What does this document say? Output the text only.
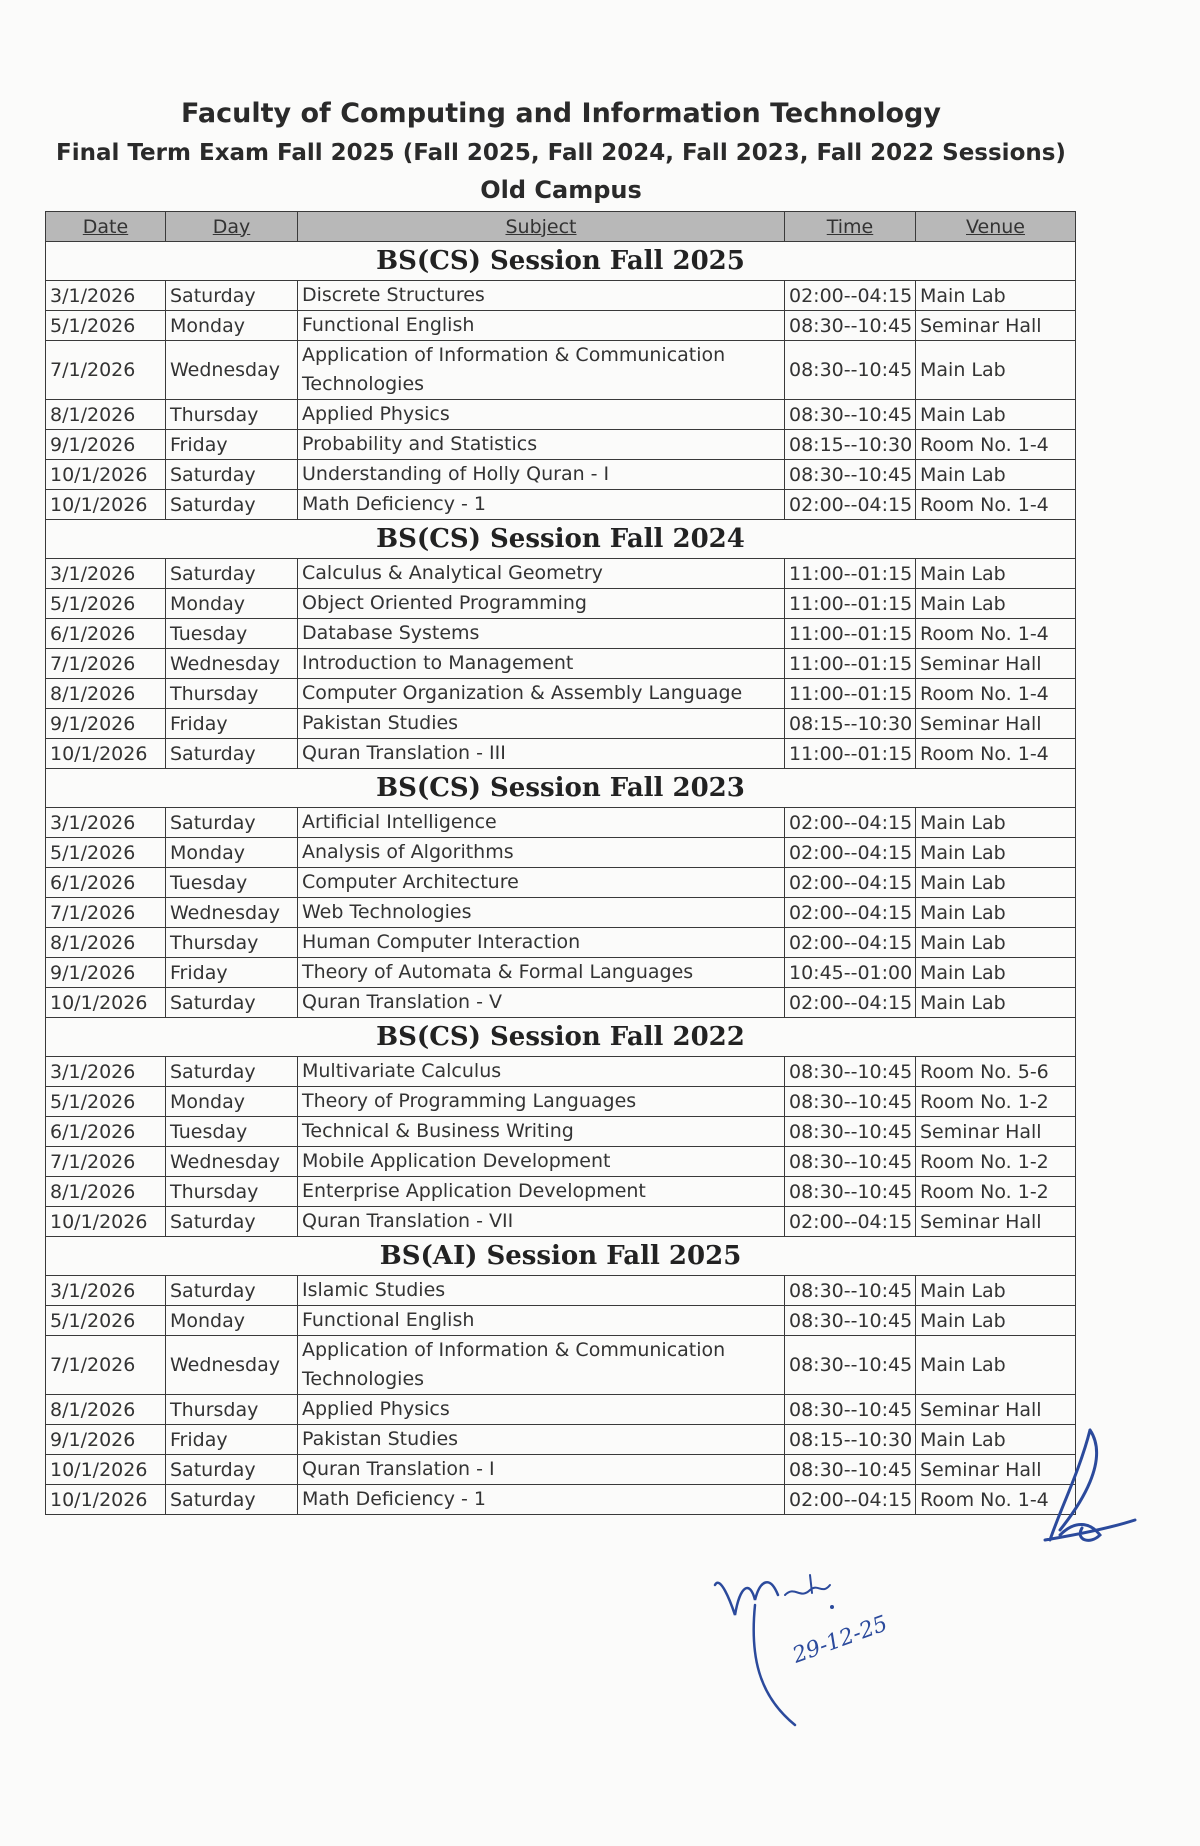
Faculty of Computing and Information Technology
Final Term Exam Fall 2025 (Fall 2025, Fall 2024, Fall 2023, Fall 2022 Sessions)
Old Campus
Date	Day	Subject	Time	Venue
BS(CS) Session Fall 2025				
3/1/2026	Saturday	Discrete Structures	02:00--04:15	Main Lab
5/1/2026	Monday	Functional English	08:30--10:45	Seminar Hall
7/1/2026	Wednesday	Application of Information & Communication Technologies	08:30--10:45	Main Lab
8/1/2026	Thursday	Applied Physics	08:30--10:45	Main Lab
9/1/2026	Friday	Probability and Statistics	08:15--10:30	Room No. 1-4
10/1/2026	Saturday	Understanding of Holly Quran - I	08:30--10:45	Main Lab
10/1/2026	Saturday	Math Deficiency - 1	02:00--04:15	Room No. 1-4
BS(CS) Session Fall 2024				
3/1/2026	Saturday	Calculus & Analytical Geometry	11:00--01:15	Main Lab
5/1/2026	Monday	Object Oriented Programming	11:00--01:15	Main Lab
6/1/2026	Tuesday	Database Systems	11:00--01:15	Room No. 1-4
7/1/2026	Wednesday	Introduction to Management	11:00--01:15	Seminar Hall
8/1/2026	Thursday	Computer Organization & Assembly Language	11:00--01:15	Room No. 1-4
9/1/2026	Friday	Pakistan Studies	08:15--10:30	Seminar Hall
10/1/2026	Saturday	Quran Translation - III	11:00--01:15	Room No. 1-4
BS(CS) Session Fall 2023				
3/1/2026	Saturday	Artificial Intelligence	02:00--04:15	Main Lab
5/1/2026	Monday	Analysis of Algorithms	02:00--04:15	Main Lab
6/1/2026	Tuesday	Computer Architecture	02:00--04:15	Main Lab
7/1/2026	Wednesday	Web Technologies	02:00--04:15	Main Lab
8/1/2026	Thursday	Human Computer Interaction	02:00--04:15	Main Lab
9/1/2026	Friday	Theory of Automata & Formal Languages	10:45--01:00	Main Lab
10/1/2026	Saturday	Quran Translation - V	02:00--04:15	Main Lab
BS(CS) Session Fall 2022				
3/1/2026	Saturday	Multivariate Calculus	08:30--10:45	Room No. 5-6
5/1/2026	Monday	Theory of Programming Languages	08:30--10:45	Room No. 1-2
6/1/2026	Tuesday	Technical & Business Writing	08:30--10:45	Seminar Hall
7/1/2026	Wednesday	Mobile Application Development	08:30--10:45	Room No. 1-2
8/1/2026	Thursday	Enterprise Application Development	08:30--10:45	Room No. 1-2
10/1/2026	Saturday	Quran Translation - VII	02:00--04:15	Seminar Hall
BS(AI) Session Fall 2025				
3/1/2026	Saturday	Islamic Studies	08:30--10:45	Main Lab
5/1/2026	Monday	Functional English	08:30--10:45	Main Lab
7/1/2026	Wednesday	Application of Information & Communication Technologies	08:30--10:45	Main Lab
8/1/2026	Thursday	Applied Physics	08:30--10:45	Seminar Hall
9/1/2026	Friday	Pakistan Studies	08:15--10:30	Main Lab
10/1/2026	Saturday	Quran Translation - I	08:30--10:45	Seminar Hall
10/1/2026	Saturday	Math Deficiency - 1	02:00--04:15	Room No. 1-4
29-12-25
